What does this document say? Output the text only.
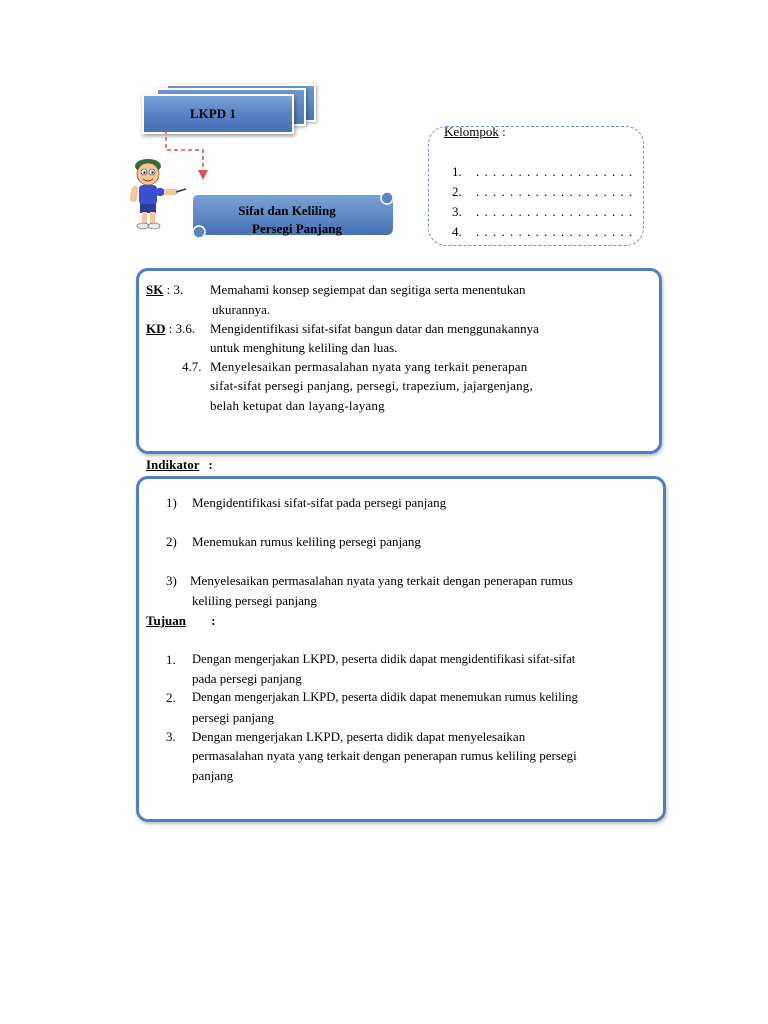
LKPD 1
Sifat dan Keliling
Persegi Panjang
Kelompok :
1. . . . . . . . . . . . . . . . . . . .
2. . . . . . . . . . . . . . . . . . . .
3. . . . . . . . . . . . . . . . . . . .
4. . . . . . . . . . . . . . . . . . . .
SK : 3. Memahami konsep segiempat dan segitiga serta menentukan
ukurannya.
KD : 3.6. Mengidentifikasi sifat-sifat bangun datar dan menggunakannya
untuk menghitung keliling dan luas.
4.7. Menyelesaikan permasalahan nyata yang terkait penerapan
sifat-sifat persegi panjang, persegi, trapezium, jajargenjang,
belah ketupat dan layang-layang
Indikator :
1) Mengidentifikasi sifat-sifat pada persegi panjang
2) Menemukan rumus keliling persegi panjang
3) Menyelesaikan permasalahan nyata yang terkait dengan penerapan rumus
keliling persegi panjang
Tujuan :
1. Dengan mengerjakan LKPD, peserta didik dapat mengidentifikasi sifat-sifat
pada persegi panjang
2. Dengan mengerjakan LKPD, peserta didik dapat menemukan rumus keliling
persegi panjang
3. Dengan mengerjakan LKPD, peserta didik dapat menyelesaikan
permasalahan nyata yang terkait dengan penerapan rumus keliling persegi
panjang
